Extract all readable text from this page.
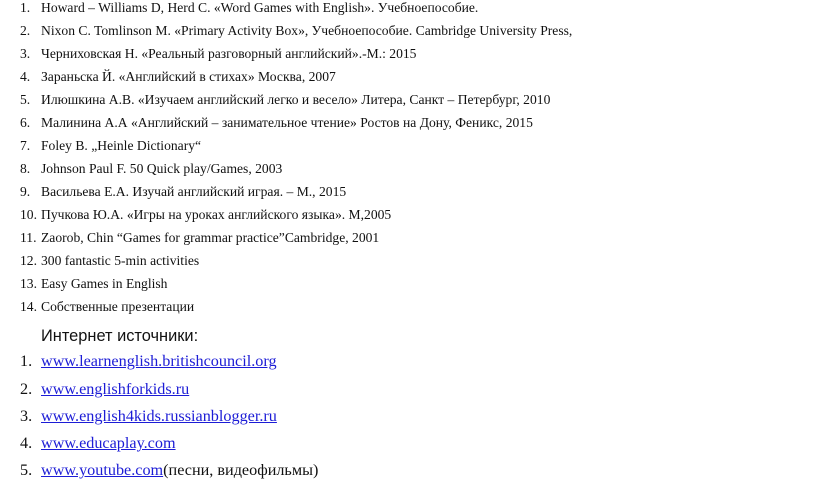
1. Howard – Williams D, Herd C. «Word Games with English». Учебноепособие.
2. Nixon C. Tomlinson M. «Primary Activity Box», Учебноепособие. Cambridge University Press,
3. Черниховская Н. «Реальный разговорный английский».-М.: 2015
4. Зараньска Й. «Английский в стихах» Москва, 2007
5. Илюшкина А.В. «Изучаем английский легко и весело» Литера, Санкт – Петербург, 2010
6. Малинина А.А «Английский – занимательное чтение» Ростов на Дону, Феникс, 2015
7. Foley B. „Heinle Dictionary“
8. Johnson Paul F. 50 Quick play/Games, 2003
9. Васильева Е.А. Изучай английский играя. – М., 2015
10. Пучкова Ю.А. «Игры на уроках английского языка». М,2005
11. Zaorob, Chin “Games for grammar practice”Cambridge, 2001
12. 300 fantastic 5-min activities
13. Easy Games in English
14. Собственные презентации
Интернет источники:
1. www.learnenglish.britishcouncil.org
2. www.englishforkids.ru
3. www.english4kids.russianblogger.ru
4. www.educaplay.com
5. www.youtube.com(песни, видеофильмы)
